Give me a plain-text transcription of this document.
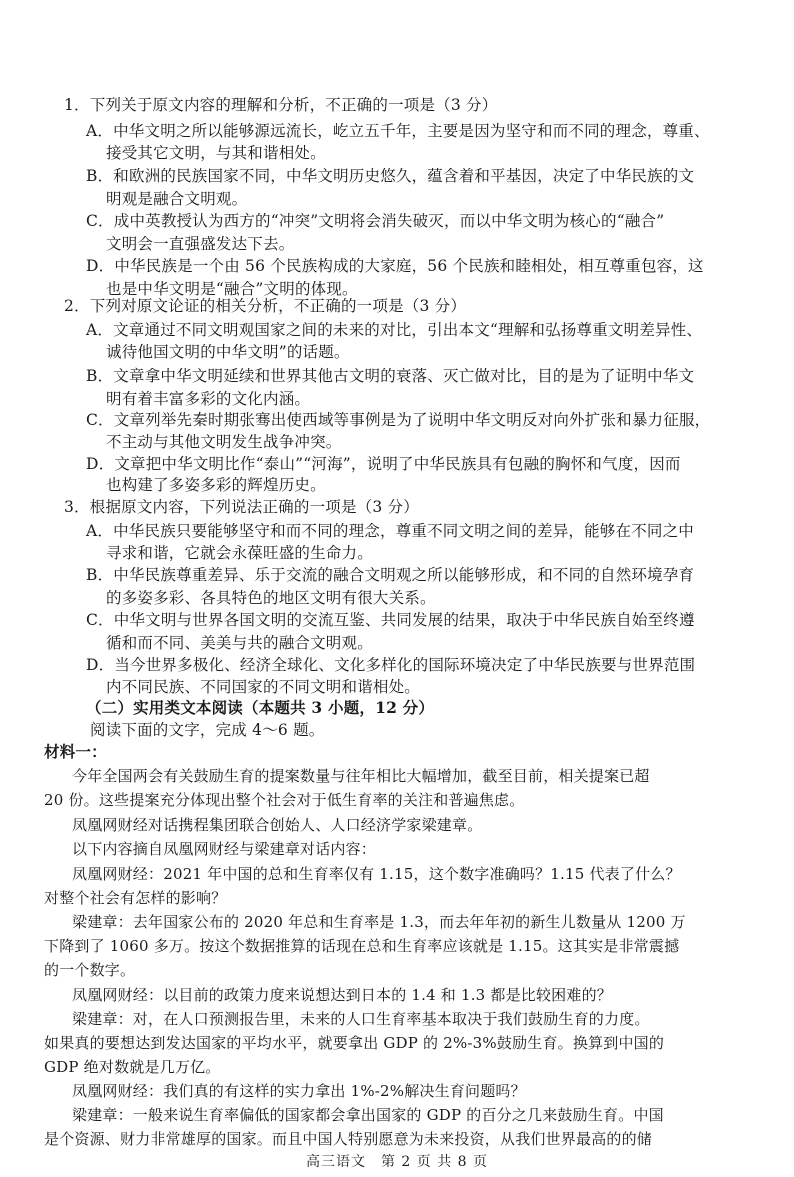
1．下列关于原文内容的理解和分析，不正确的一项是（3 分）
A．中华文明之所以能够源远流长，屹立五千年，主要是因为坚守和而不同的理念，尊重、
接受其它文明，与其和谐相处。
B．和欧洲的民族国家不同，中华文明历史悠久，蕴含着和平基因，决定了中华民族的文
明观是融合文明观。
C．成中英教授认为西方的“冲突”文明将会消失破灭，而以中华文明为核心的“融合”
文明会一直强盛发达下去。
D．中华民族是一个由 56 个民族构成的大家庭，56 个民族和睦相处，相互尊重包容，这
也是中华文明是“融合”文明的体现。
2．下列对原文论证的相关分析，不正确的一项是（3 分）
A．文章通过不同文明观国家之间的未来的对比，引出本文“理解和弘扬尊重文明差异性、
诚待他国文明的中华文明”的话题。
B．文章拿中华文明延续和世界其他古文明的衰落、灭亡做对比，目的是为了证明中华文
明有着丰富多彩的文化内涵。
C．文章列举先秦时期张骞出使西域等事例是为了说明中华文明反对向外扩张和暴力征服，
不主动与其他文明发生战争冲突。
D．文章把中华文明比作“泰山”“河海”，说明了中华民族具有包融的胸怀和气度，因而
也构建了多姿多彩的辉煌历史。
3．根据原文内容，下列说法正确的一项是（3 分）
A．中华民族只要能够坚守和而不同的理念，尊重不同文明之间的差异，能够在不同之中
寻求和谐，它就会永葆旺盛的生命力。
B．中华民族尊重差异、乐于交流的融合文明观之所以能够形成，和不同的自然环境孕育
的多姿多彩、各具特色的地区文明有很大关系。
C．中华文明与世界各国文明的交流互鉴、共同发展的结果，取决于中华民族自始至终遵
循和而不同、美美与共的融合文明观。
D．当今世界多极化、经济全球化、文化多样化的国际环境决定了中华民族要与世界范围
内不同民族、不同国家的不同文明和谐相处。
（二）实用类文本阅读（本题共 3 小题，12 分）
阅读下面的文字，完成 4～6 题。
材料一：
今年全国两会有关鼓励生育的提案数量与往年相比大幅增加，截至目前，相关提案已超
20 份。这些提案充分体现出整个社会对于低生育率的关注和普遍焦虑。
凤凰网财经对话携程集团联合创始人、人口经济学家梁建章。
以下内容摘自凤凰网财经与梁建章对话内容：
凤凰网财经：2021 年中国的总和生育率仅有 1.15，这个数字准确吗？1.15 代表了什么？
对整个社会有怎样的影响？
梁建章：去年国家公布的 2020 年总和生育率是 1.3，而去年年初的新生儿数量从 1200 万
下降到了 1060 多万。按这个数据推算的话现在总和生育率应该就是 1.15。这其实是非常震撼
的一个数字。
凤凰网财经：以目前的政策力度来说想达到日本的 1.4 和 1.3 都是比较困难的？
梁建章：对，在人口预测报告里，未来的人口生育率基本取决于我们鼓励生育的力度。
如果真的要想达到发达国家的平均水平，就要拿出 GDP 的 2%-3%鼓励生育。换算到中国的
GDP 绝对数就是几万亿。
凤凰网财经：我们真的有这样的实力拿出 1%-2%解决生育问题吗？
梁建章：一般来说生育率偏低的国家都会拿出国家的 GDP 的百分之几来鼓励生育。中国
是个资源、财力非常雄厚的国家。而且中国人特别愿意为未来投资，从我们世界最高的的储
高三语文　第 2 页 共 8 页
